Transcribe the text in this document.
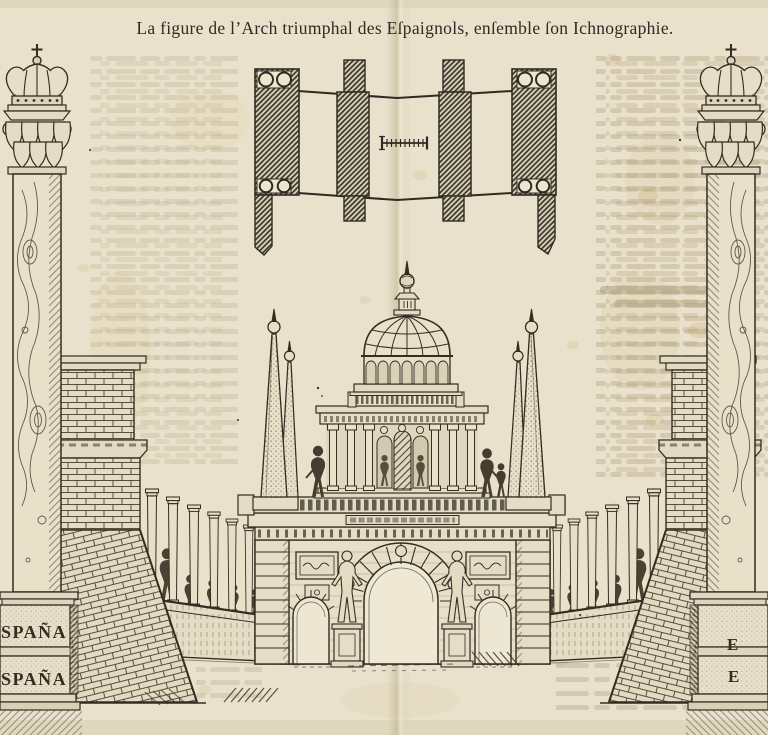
La figure de l’Arch triumphal des Eſpaignols, enſemble ſon Ichnographie.
SPAÑA
SPAÑA
E
E
